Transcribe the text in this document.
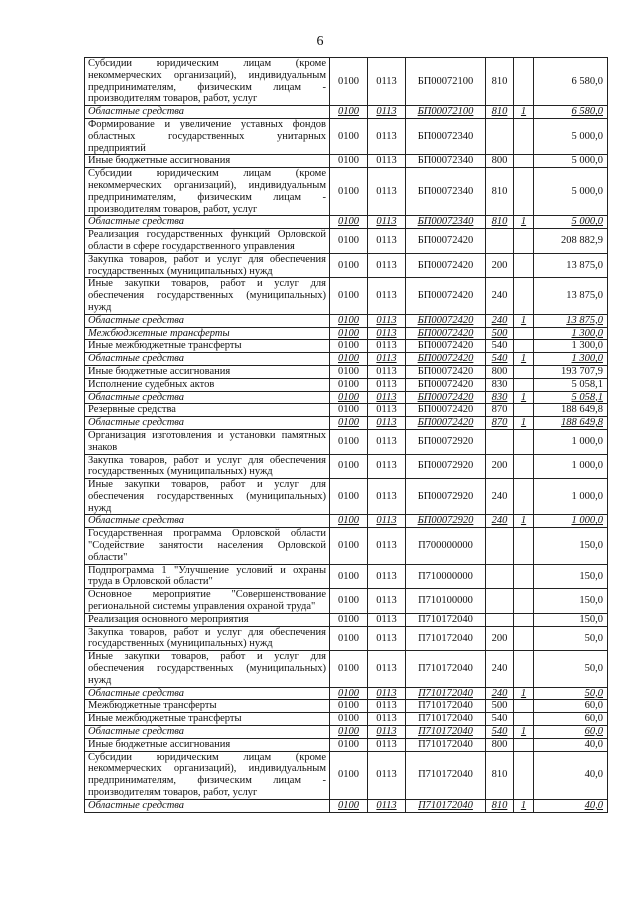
6
Субсидии юридическим лицам (кроме некоммерческих организаций), индивидуальным предпринимателям, физическим лицам - производителям товаров, работ, услуг	0100	0113	БП00072100	810		6 580,0
Областные средства	0100	0113	БП00072100	810	1	6 580,0
Формирование и увеличение уставных фондов областных государственных унитарных предприятий	0100	0113	БП00072340			5 000,0
Иные бюджетные ассигнования	0100	0113	БП00072340	800		5 000,0
Субсидии юридическим лицам (кроме некоммерческих организаций), индивидуальным предпринимателям, физическим лицам - производителям товаров, работ, услуг	0100	0113	БП00072340	810		5 000,0
Областные средства	0100	0113	БП00072340	810	1	5 000,0
Реализация государственных функций Орловской области в сфере государственного управления	0100	0113	БП00072420			208 882,9
Закупка товаров, работ и услуг для обеспечения государственных (муниципальных) нужд	0100	0113	БП00072420	200		13 875,0
Иные закупки товаров, работ и услуг для обеспечения государственных (муниципальных) нужд	0100	0113	БП00072420	240		13 875,0
Областные средства	0100	0113	БП00072420	240	1	13 875,0
Межбюджетные трансферты	0100	0113	БП00072420	500		1 300,0
Иные межбюджетные трансферты	0100	0113	БП00072420	540		1 300,0
Областные средства	0100	0113	БП00072420	540	1	1 300,0
Иные бюджетные ассигнования	0100	0113	БП00072420	800		193 707,9
Исполнение судебных актов	0100	0113	БП00072420	830		5 058,1
Областные средства	0100	0113	БП00072420	830	1	5 058,1
Резервные средства	0100	0113	БП00072420	870		188 649,8
Областные средства	0100	0113	БП00072420	870	1	188 649,8
Организация изготовления и установки памятных знаков	0100	0113	БП00072920			1 000,0
Закупка товаров, работ и услуг для обеспечения государственных (муниципальных) нужд	0100	0113	БП00072920	200		1 000,0
Иные закупки товаров, работ и услуг для обеспечения государственных (муниципальных) нужд	0100	0113	БП00072920	240		1 000,0
Областные средства	0100	0113	БП00072920	240	1	1 000,0
Государственная программа Орловской области "Содействие занятости населения Орловской области"	0100	0113	П700000000			150,0
Подпрограмма 1 "Улучшение условий и охраны труда в Орловской области"	0100	0113	П710000000			150,0
Основное мероприятие "Совершенствование региональной системы управления охраной труда"	0100	0113	П710100000			150,0
Реализация основного мероприятия	0100	0113	П710172040			150,0
Закупка товаров, работ и услуг для обеспечения государственных (муниципальных) нужд	0100	0113	П710172040	200		50,0
Иные закупки товаров, работ и услуг для обеспечения государственных (муниципальных) нужд	0100	0113	П710172040	240		50,0
Областные средства	0100	0113	П710172040	240	1	50,0
Межбюджетные трансферты	0100	0113	П710172040	500		60,0
Иные межбюджетные трансферты	0100	0113	П710172040	540		60,0
Областные средства	0100	0113	П710172040	540	1	60,0
Иные бюджетные ассигнования	0100	0113	П710172040	800		40,0
Субсидии юридическим лицам (кроме некоммерческих организаций), индивидуальным предпринимателям, физическим лицам - производителям товаров, работ, услуг	0100	0113	П710172040	810		40,0
Областные средства	0100	0113	П710172040	810	1	40,0
